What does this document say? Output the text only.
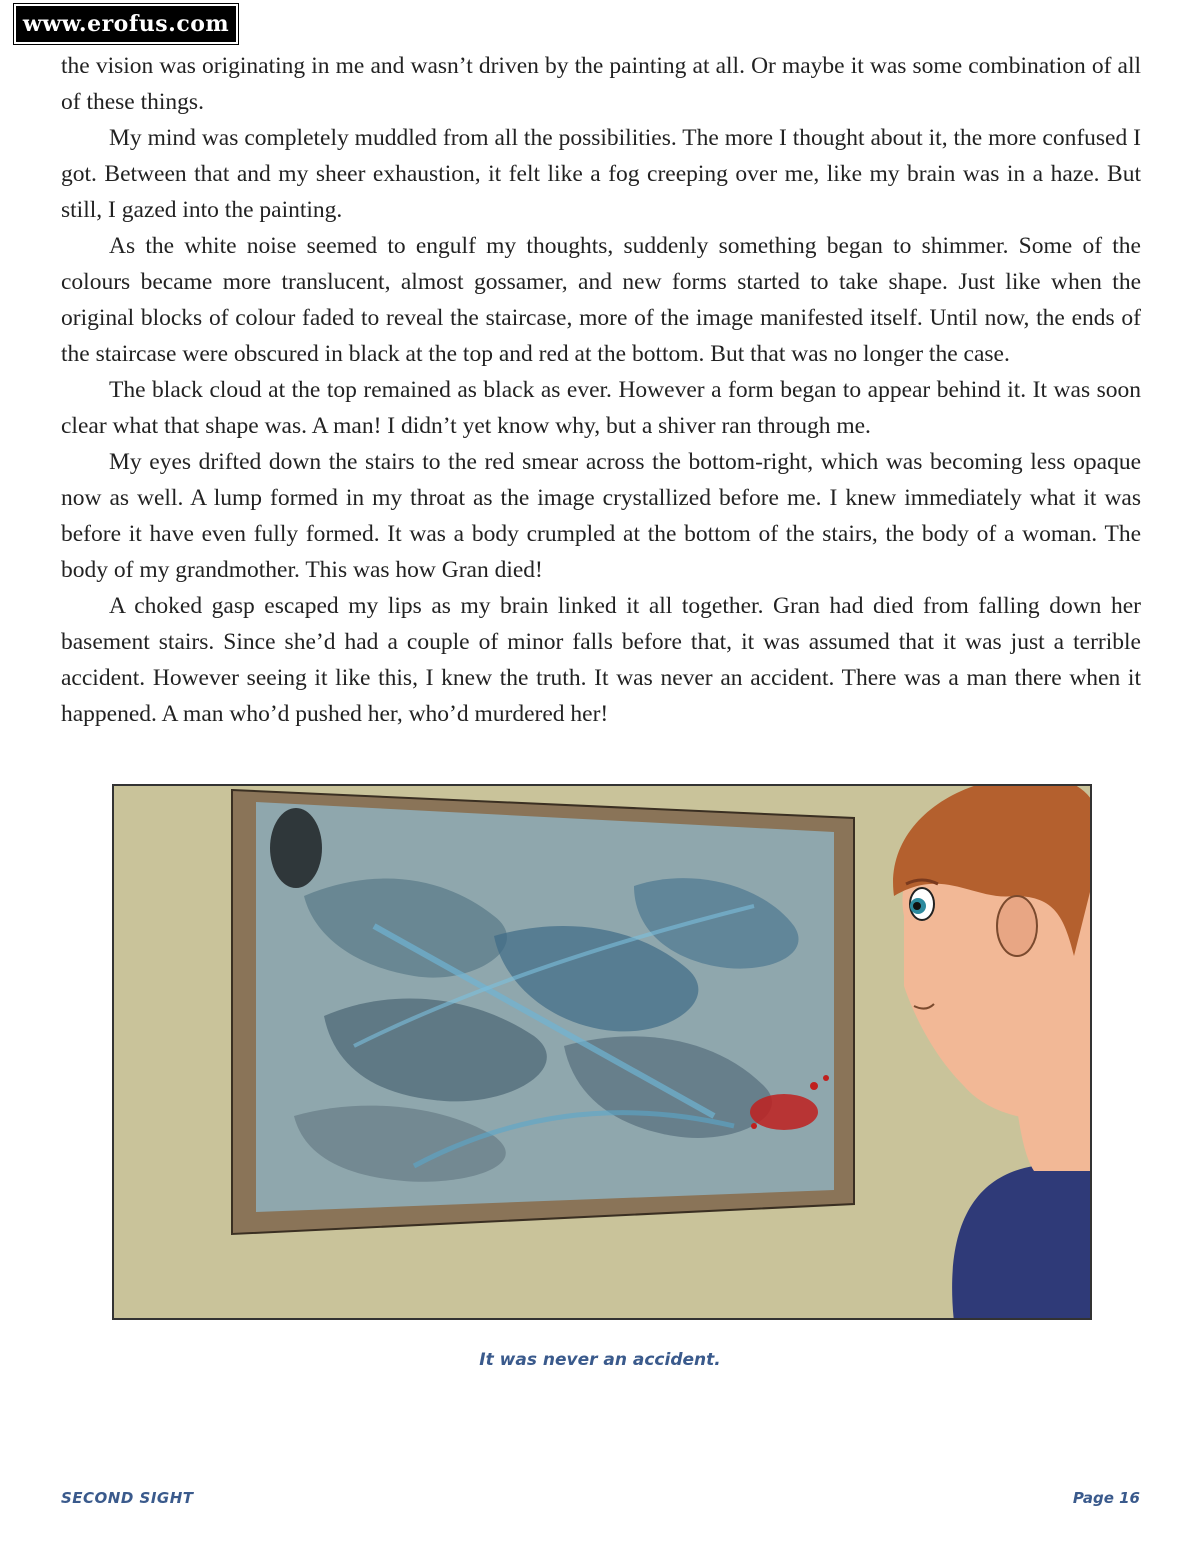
www.erofus.com

the vision was originating in me and wasn’t driven by the painting at all. Or maybe it was some combination of all of these things.

My mind was completely muddled from all the possibilities. The more I thought about it, the more confused I got. Between that and my sheer exhaustion, it felt like a fog creeping over me, like my brain was in a haze. But still, I gazed into the painting.

As the white noise seemed to engulf my thoughts, suddenly something began to shimmer. Some of the colours became more translucent, almost gossamer, and new forms started to take shape. Just like when the original blocks of colour faded to reveal the staircase, more of the image manifested itself. Until now, the ends of the staircase were obscured in black at the top and red at the bottom. But that was no longer the case.

The black cloud at the top remained as black as ever. However a form began to appear behind it. It was soon clear what that shape was. A man! I didn’t yet know why, but a shiver ran through me.

My eyes drifted down the stairs to the red smear across the bottom-right, which was becoming less opaque now as well. A lump formed in my throat as the image crystallized before me. I knew immediately what it was before it have even fully formed. It was a body crumpled at the bottom of the stairs, the body of a woman. The body of my grandmother. This was how Gran died!

A choked gasp escaped my lips as my brain linked it all together. Gran had died from falling down her basement stairs. Since she’d had a couple of minor falls before that, it was assumed that it was just a terrible accident. However seeing it like this, I knew the truth. It was never an accident. There was a man there when it happened. A man who’d pushed her, who’d murdered her!

It was never an accident.
SECOND SIGHT	Page 16
